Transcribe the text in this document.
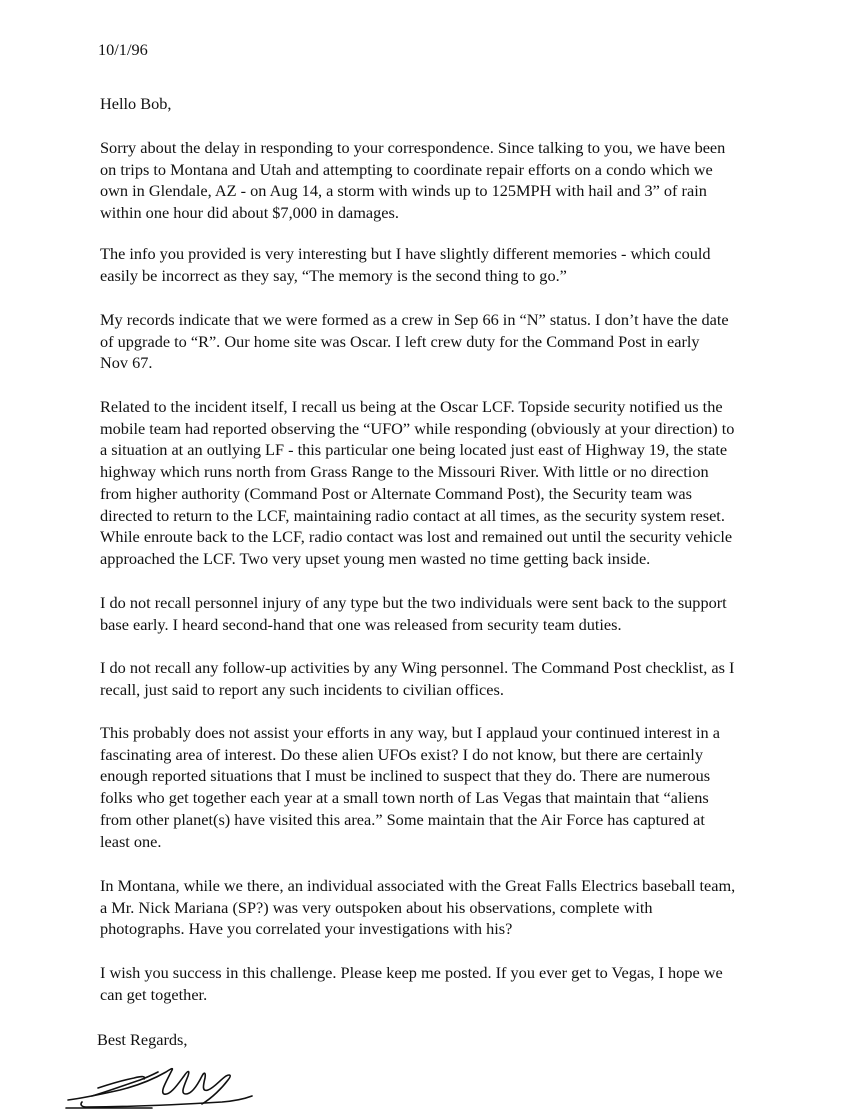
10/1/96
Hello Bob,

Sorry about the delay in responding to your correspondence. Since talking to you, we have been
on trips to Montana and Utah and attempting to coordinate repair efforts on a condo which we
own in Glendale, AZ - on Aug 14, a storm with winds up to 125MPH with hail and 3” of rain
within one hour did about $7,000 in damages.

The info you provided is very interesting but I have slightly different memories - which could
easily be incorrect as they say, “The memory is the second thing to go.”

My records indicate that we were formed as a crew in Sep 66 in “N” status. I don’t have the date
of upgrade to “R”. Our home site was Oscar. I left crew duty for the Command Post in early
Nov 67.

Related to the incident itself, I recall us being at the Oscar LCF. Topside security notified us the
mobile team had reported observing the “UFO” while responding (obviously at your direction) to
a situation at an outlying LF - this particular one being located just east of Highway 19, the state
highway which runs north from Grass Range to the Missouri River. With little or no direction
from higher authority (Command Post or Alternate Command Post), the Security team was
directed to return to the LCF, maintaining radio contact at all times, as the security system reset.
While enroute back to the LCF, radio contact was lost and remained out until the security vehicle
approached the LCF. Two very upset young men wasted no time getting back inside.

I do not recall personnel injury of any type but the two individuals were sent back to the support
base early. I heard second-hand that one was released from security team duties.

I do not recall any follow-up activities by any Wing personnel. The Command Post checklist, as I
recall, just said to report any such incidents to civilian offices.

This probably does not assist your efforts in any way, but I applaud your continued interest in a
fascinating area of interest. Do these alien UFOs exist? I do not know, but there are certainly
enough reported situations that I must be inclined to suspect that they do. There are numerous
folks who get together each year at a small town north of Las Vegas that maintain that “aliens
from other planet(s) have visited this area.” Some maintain that the Air Force has captured at
least one.

In Montana, while we there, an individual associated with the Great Falls Electrics baseball team,
a Mr. Nick Mariana (SP?) was very outspoken about his observations, complete with
photographs. Have you correlated your investigations with his?

I wish you success in this challenge. Please keep me posted. If you ever get to Vegas, I hope we
can get together.

Best Regards,
